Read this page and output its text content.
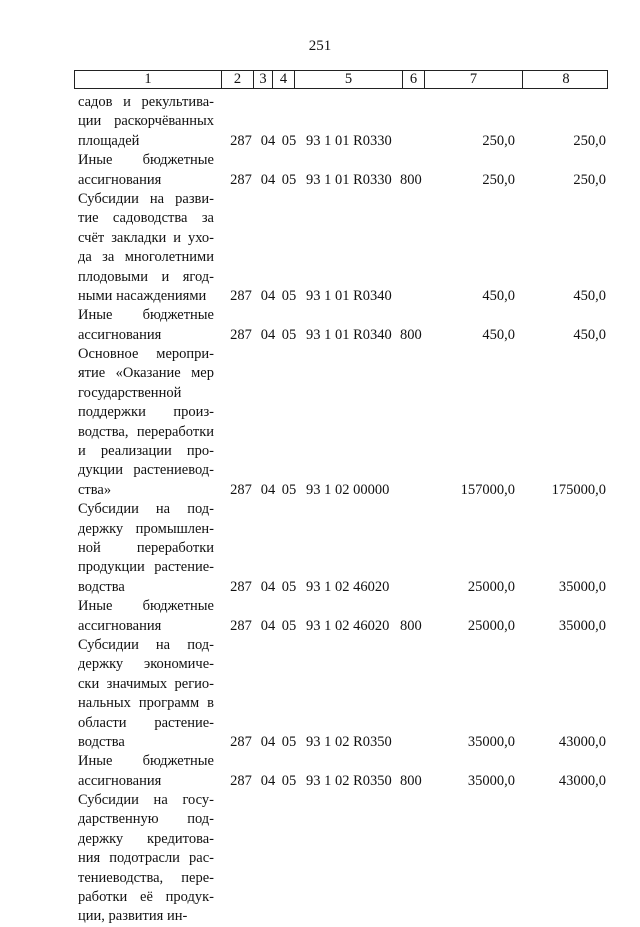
251
1	2	3 4	5	6	7	8
садов и рекультива-
ции раскорчёванных
площадей	287 04 05 93 1 01 R0330	250,0	250,0
Иные бюджетные
ассигнования	287 04 05 93 1 01 R0330 800	250,0	250,0
Субсидии на разви-
тие садоводства за
счёт закладки и ухо-
да за многолетними
плодовыми и ягод-
ными насаждениями	287 04 05 93 1 01 R0340	450,0	450,0
Иные бюджетные
ассигнования	287 04 05 93 1 01 R0340 800	450,0	450,0
Основное меропри-
ятие «Оказание мер
государственной
поддержки произ-
водства, переработки
и реализации про-
дукции растениевод-
ства»	287 04 05 93 1 02 00000	157000,0	175000,0
Субсидии на под-
держку промышлен-
ной переработки
продукции растение-
водства	287 04 05 93 1 02 46020	25000,0	35000,0
Иные бюджетные
ассигнования	287 04 05 93 1 02 46020 800	25000,0	35000,0
Субсидии на под-
держку экономиче-
ски значимых регио-
нальных программ в
области растение-
водства	287 04 05 93 1 02 R0350	35000,0	43000,0
Иные бюджетные
ассигнования	287 04 05 93 1 02 R0350 800	35000,0	43000,0
Субсидии на госу-
дарственную под-
держку кредитова-
ния подотрасли рас-
тениеводства, пере-
работки её продук-
ции, развития ин-
